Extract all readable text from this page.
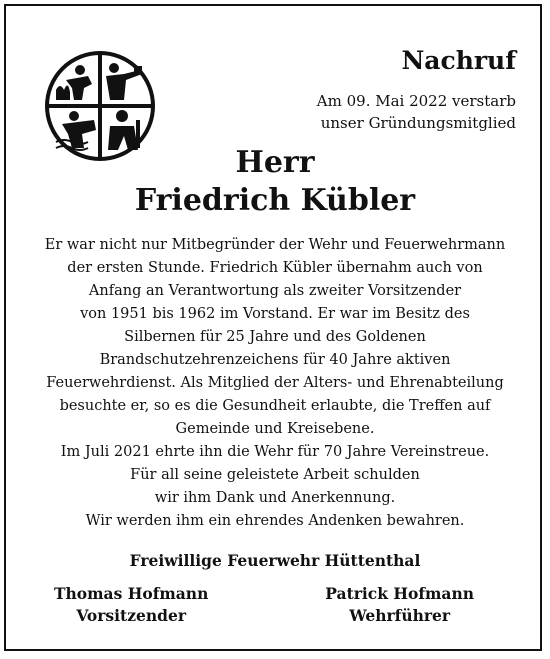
Nachruf
Am 09. Mai 2022 verstarb
unser Gründungsmitglied
Herr
Friedrich Kübler
Er war nicht nur Mitbegründer der Wehr und Feuerwehrmann
der ersten Stunde. Friedrich Kübler übernahm auch von
Anfang an Verantwortung als zweiter Vorsitzender
von 1951 bis 1962 im Vorstand. Er war im Besitz des
Silbernen für 25 Jahre und des Goldenen
Brandschutzehrenzeichens für 40 Jahre aktiven
Feuerwehrdienst. Als Mitglied der Alters- und Ehrenabteilung
besuchte er, so es die Gesundheit erlaubte, die Treffen auf
Gemeinde und Kreisebene.
Im Juli 2021 ehrte ihn die Wehr für 70 Jahre Vereinstreue.
Für all seine geleistete Arbeit schulden
wir ihm Dank und Anerkennung.
Wir werden ihm ein ehrendes Andenken bewahren.
Freiwillige Feuerwehr Hüttenthal
Thomas Hofmann
Vorsitzender
Patrick Hofmann
Wehrführer
